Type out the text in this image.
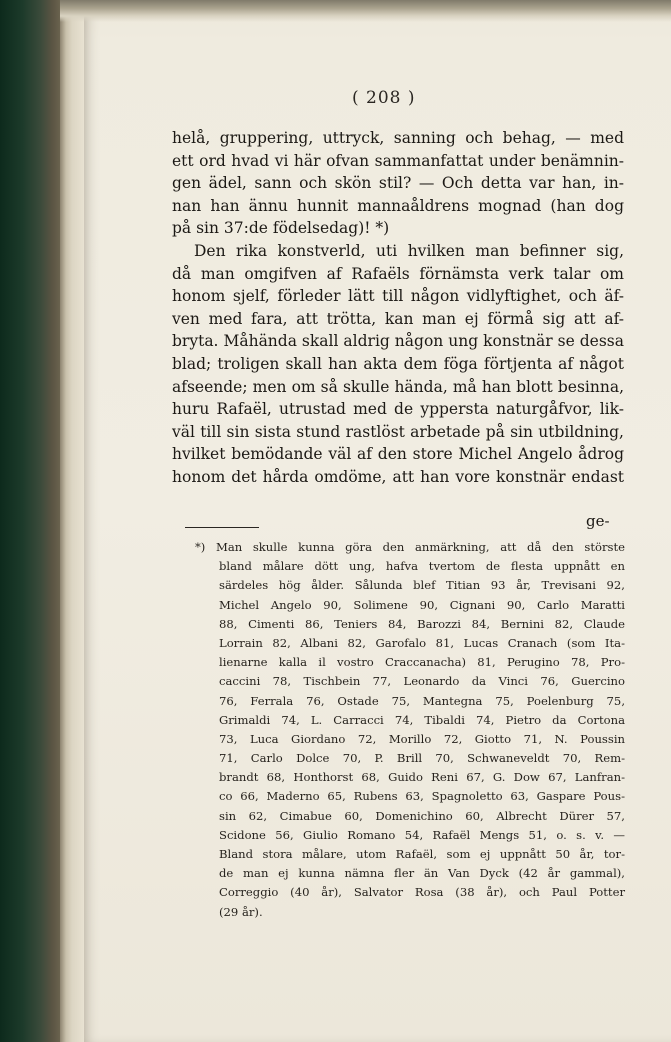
( 208 )
helå, gruppering, uttryck, sanning och behag, — med
ett ord hvad vi här ofvan sammanfattat under benämnin-
gen ädel, sann och skön stil? — Och detta var han, in-
nan han ännu hunnit mannaåldrens mognad (han dog
på sin 37:de födelsedag)! *)
Den rika konstverld, uti hvilken man befinner sig,
då man omgifven af Rafaëls förnämsta verk talar om
honom sjelf, förleder lätt till någon vidlyftighet, och äf-
ven med fara, att trötta, kan man ej förmå sig att af-
bryta. Måhända skall aldrig någon ung konstnär se dessa
blad; troligen skall han akta dem föga förtjenta af något
afseende; men om så skulle hända, må han blott besinna,
huru Rafaël, utrustad med de yppersta naturgåfvor, lik-
väl till sin sista stund rastlöst arbetade på sin utbildning,
hvilket bemödande väl af den store Michel Angelo ådrog
honom det hårda omdöme, att han vore konstnär endast
ge-
*) Man skulle kunna göra den anmärkning, att då den störste
bland målare dött ung, hafva tvertom de flesta uppnått en
särdeles hög ålder. Sålunda blef Titian 93 år, Trevisani 92,
Michel Angelo 90, Solimene 90, Cignani 90, Carlo Maratti
88, Cimenti 86, Teniers 84, Barozzi 84, Bernini 82, Claude
Lorrain 82, Albani 82, Garofalo 81, Lucas Cranach (som Ita-
lienarne kalla il vostro Craccanacha) 81, Perugino 78, Pro-
caccini 78, Tischbein 77, Leonardo da Vinci 76, Guercino
76, Ferrala 76, Ostade 75, Mantegna 75, Poelenburg 75,
Grimaldi 74, L. Carracci 74, Tibaldi 74, Pietro da Cortona
73, Luca Giordano 72, Morillo 72, Giotto 71, N. Poussin
71, Carlo Dolce 70, P. Brill 70, Schwaneveldt 70, Rem-
brandt 68, Honthorst 68, Guido Reni 67, G. Dow 67, Lanfran-
co 66, Maderno 65, Rubens 63, Spagnoletto 63, Gaspare Pous-
sin 62, Cimabue 60, Domenichino 60, Albrecht Dürer 57,
Scidone 56, Giulio Romano 54, Rafaël Mengs 51, o. s. v. —
Bland stora målare, utom Rafaël, som ej uppnått 50 år, tor-
de man ej kunna nämna fler än Van Dyck (42 år gammal),
Correggio (40 år), Salvator Rosa (38 år), och Paul Potter
(29 år).
